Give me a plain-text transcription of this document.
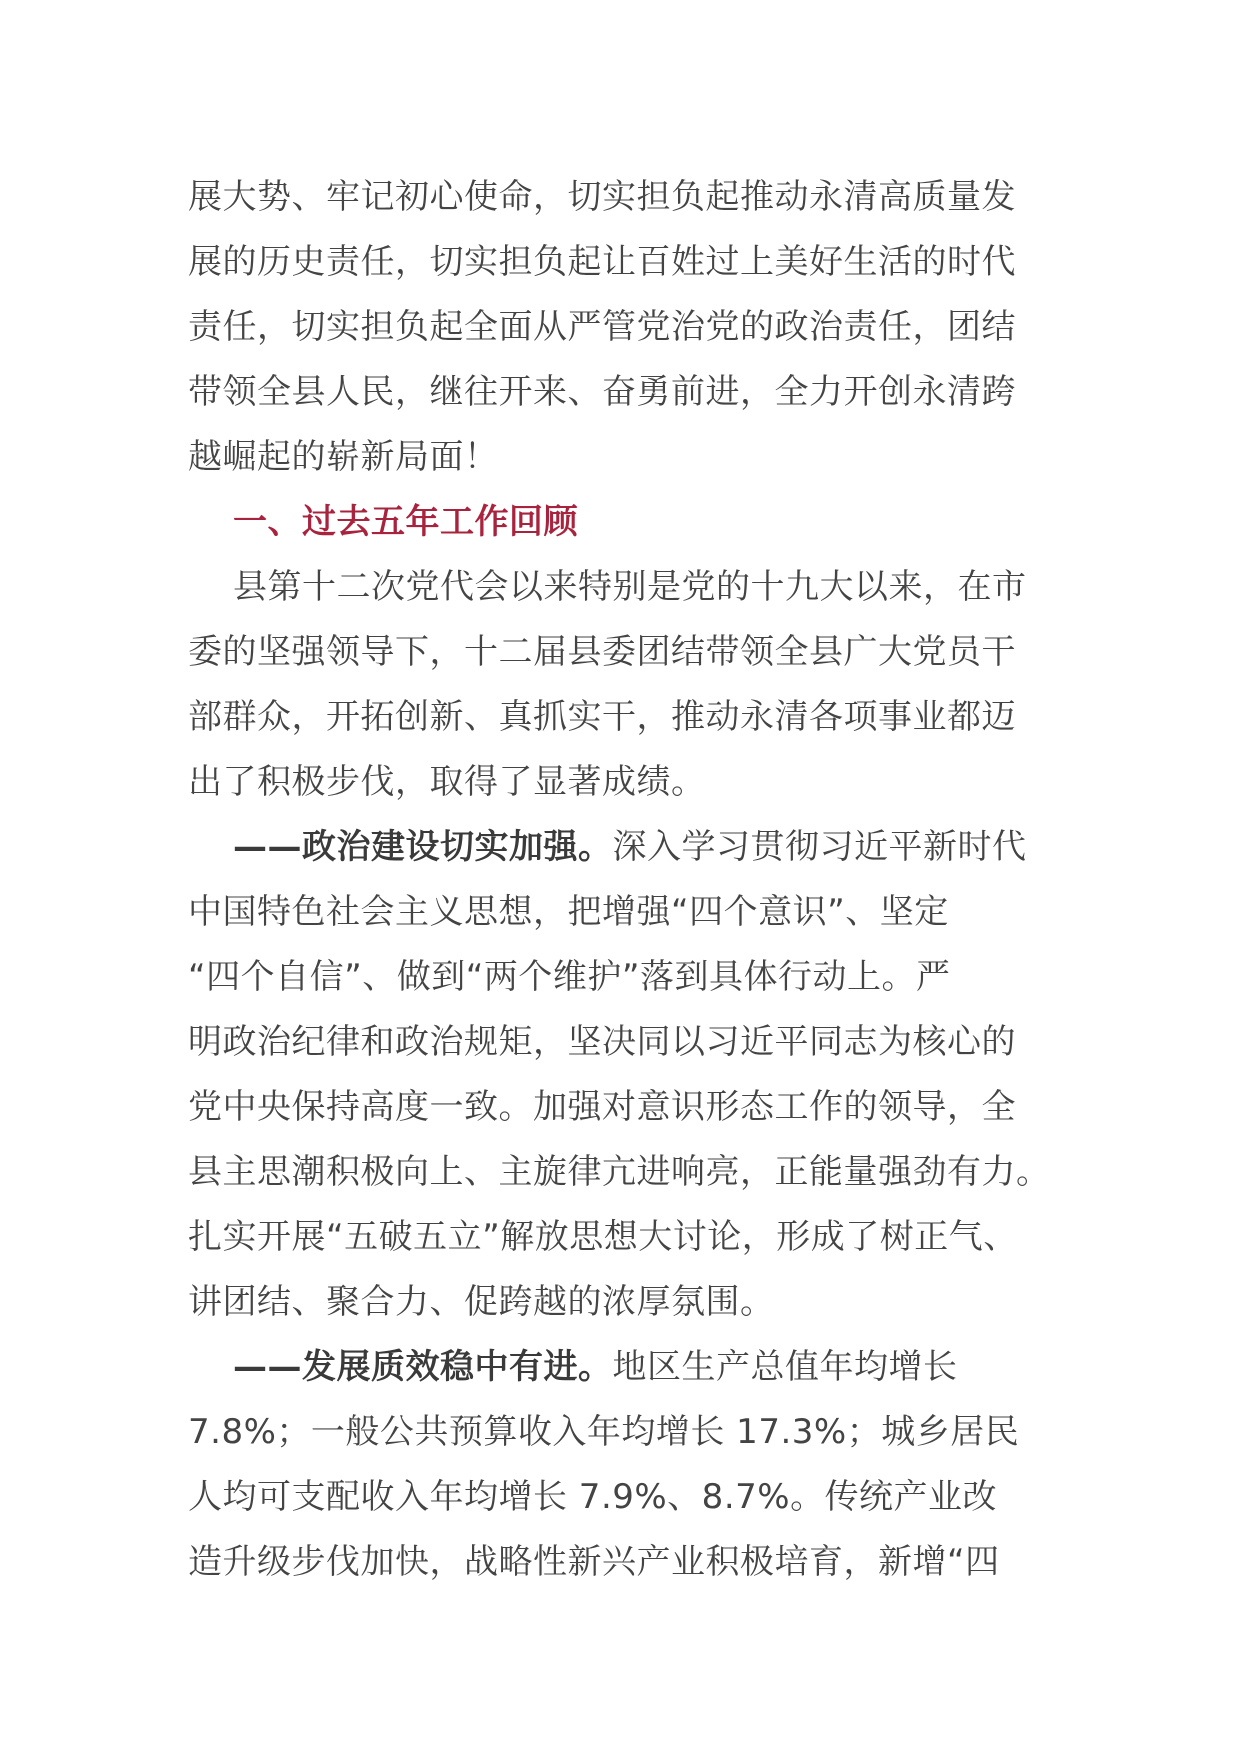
展大势、牢记初心使命，切实担负起推动永清高质量发
展的历史责任，切实担负起让百姓过上美好生活的时代
责任，切实担负起全面从严管党治党的政治责任，团结
带领全县人民，继往开来、奋勇前进，全力开创永清跨
越崛起的崭新局面！
一、过去五年工作回顾
县第十二次党代会以来特别是党的十九大以来，在市
委的坚强领导下，十二届县委团结带领全县广大党员干
部群众，开拓创新、真抓实干，推动永清各项事业都迈
出了积极步伐，取得了显著成绩。
——政治建设切实加强。深入学习贯彻习近平新时代
中国特色社会主义思想，把增强“四个意识”、坚定
“四个自信”、做到“两个维护”落到具体行动上。严
明政治纪律和政治规矩，坚决同以习近平同志为核心的
党中央保持高度一致。加强对意识形态工作的领导，全
县主思潮积极向上、主旋律亢进响亮，正能量强劲有力。
扎实开展“五破五立”解放思想大讨论，形成了树正气、
讲团结、聚合力、促跨越的浓厚氛围。
——发展质效稳中有进。地区生产总值年均增长
7.8%；一般公共预算收入年均增长 17.3%；城乡居民
人均可支配收入年均增长 7.9%、8.7%。传统产业改
造升级步伐加快，战略性新兴产业积极培育，新增“四
